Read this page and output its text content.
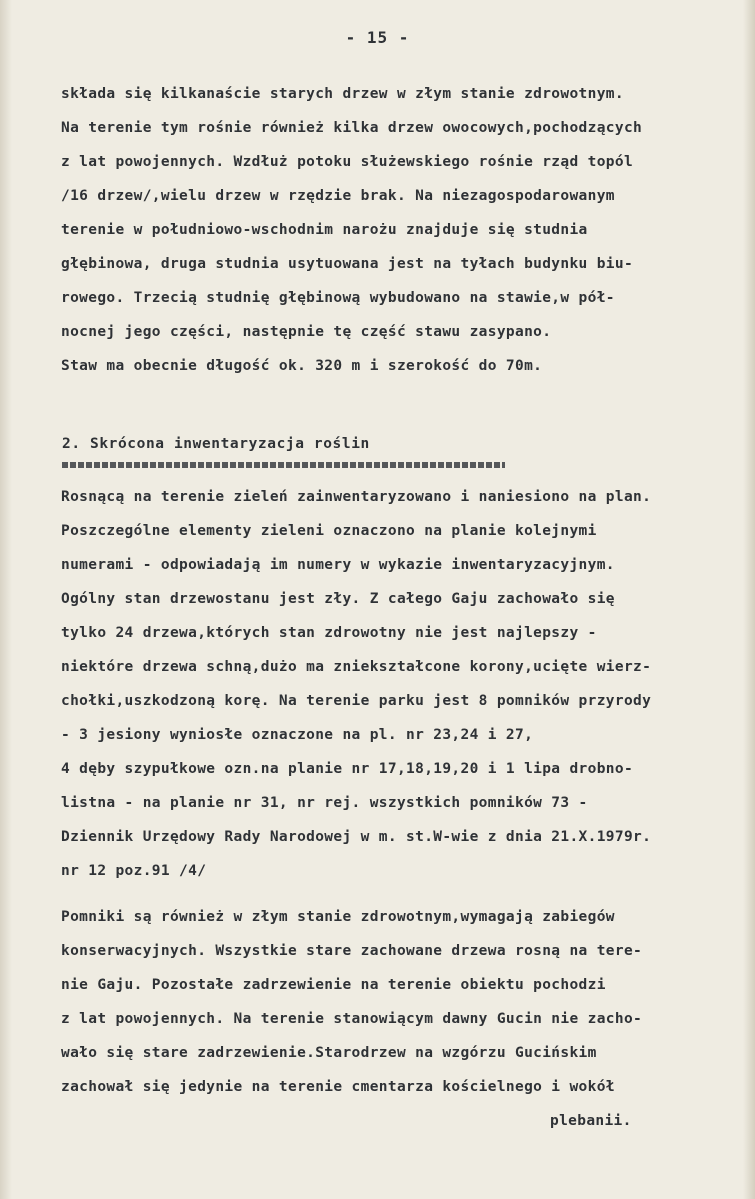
- 15 -
składa się kilkanaście starych drzew w złym stanie zdrowotnym.
Na terenie tym rośnie również kilka drzew owocowych,pochodzących
z lat powojennych. Wzdłuż potoku służewskiego rośnie rząd topól
/16 drzew/,wielu drzew w rzędzie brak. Na niezagospodarowanym
terenie w południowo-wschodnim narożu znajduje się studnia
głębinowa, druga studnia usytuowana jest na tyłach budynku biu-
rowego. Trzecią studnię głębinową wybudowano na stawie,w pół-
nocnej jego części, następnie tę część stawu zasypano.
Staw ma obecnie długość ok. 320 m i szerokość do 70m.
2. Skrócona inwentaryzacja roślin
Rosnącą na terenie zieleń zainwentaryzowano i naniesiono na plan.
Poszczególne elementy zieleni oznaczono na planie kolejnymi
numerami - odpowiadają im numery w wykazie inwentaryzacyjnym.
Ogólny stan drzewostanu jest zły. Z całego Gaju zachowało się
tylko 24 drzewa,których stan zdrowotny nie jest najlepszy -
niektóre drzewa schną,dużo ma zniekształcone korony,ucięte wierz-
chołki,uszkodzoną korę. Na terenie parku jest 8 pomników przyrody
- 3 jesiony wyniosłe oznaczone na pl. nr 23,24 i 27,
4 dęby szypułkowe ozn.na planie nr 17,18,19,20 i 1 lipa drobno-
listna - na planie nr 31, nr rej. wszystkich pomników 73 -
Dziennik Urzędowy Rady Narodowej w m. st.W-wie z dnia 21.X.1979r.
nr 12 poz.91 /4/
Pomniki są również w złym stanie zdrowotnym,wymagają zabiegów
konserwacyjnych. Wszystkie stare zachowane drzewa rosną na tere-
nie Gaju. Pozostałe zadrzewienie na terenie obiektu pochodzi
z lat powojennych. Na terenie stanowiącym dawny Gucin nie zacho-
wało się stare zadrzewienie.Starodrzew na wzgórzu Gucińskim
zachował się jedynie na terenie cmentarza kościelnego i wokół
plebanii.
